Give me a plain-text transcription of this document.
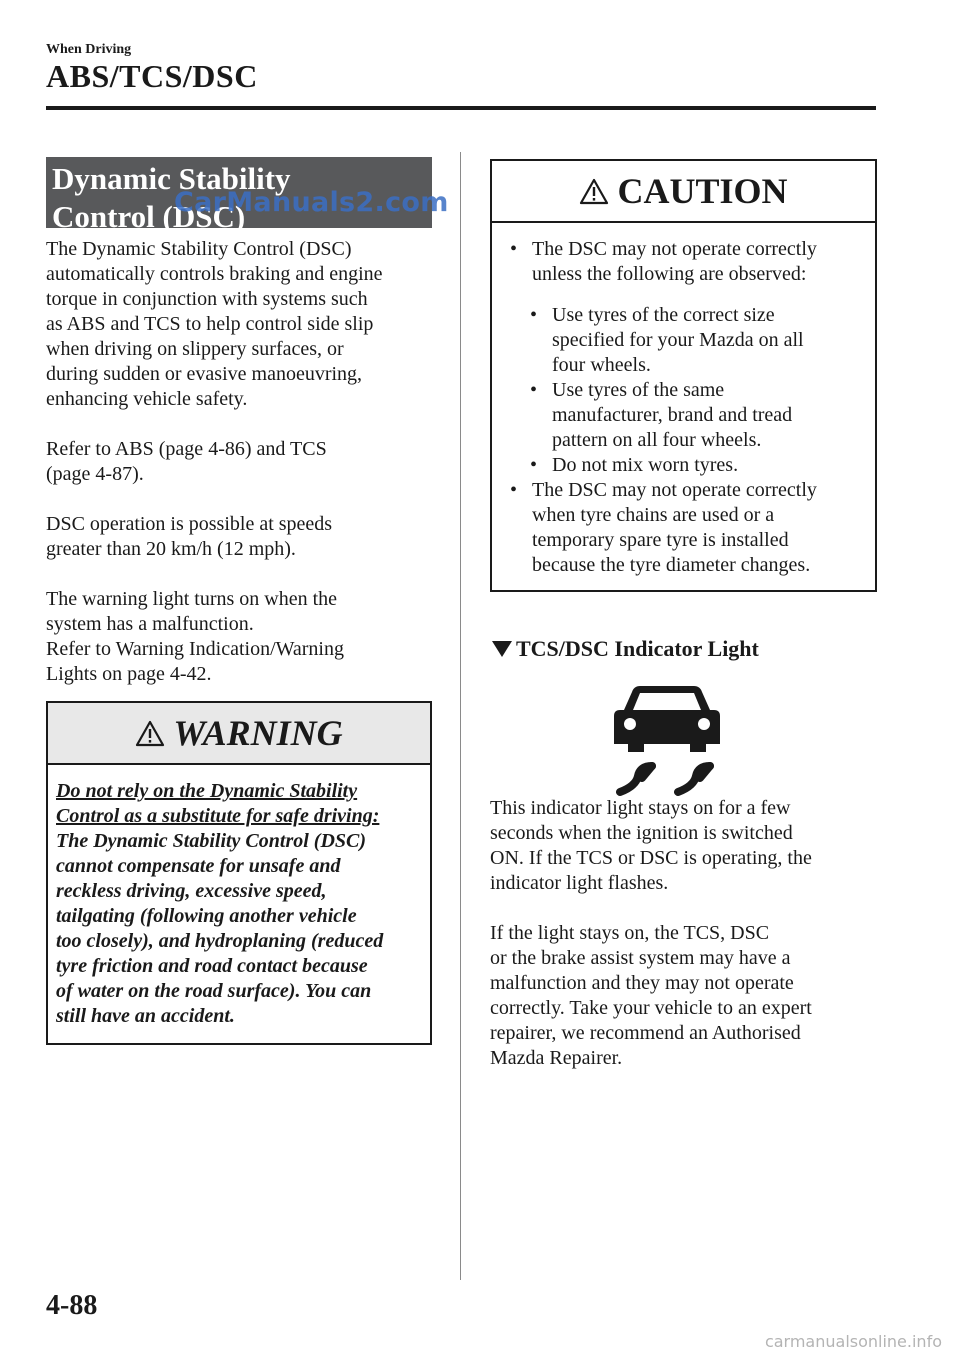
When Driving
ABS/TCS/DSC
Dynamic Stability
Control (DSC)
CarManuals2.com

The Dynamic Stability Control (DSC)
automatically controls braking and engine
torque in conjunction with systems such
as ABS and TCS to help control side slip
when driving on slippery surfaces, or
during sudden or evasive manoeuvring,
enhancing vehicle safety.

Refer to ABS (page 4-86) and TCS
(page 4-87).

DSC operation is possible at speeds
greater than 20 km/h (12 mph).

The warning light turns on when the
system has a malfunction.
Refer to Warning Indication/Warning
Lights on page 4-42.

WARNING
Do not rely on the Dynamic Stability
Control as a substitute for safe driving:
The Dynamic Stability Control (DSC)
cannot compensate for unsafe and
reckless driving, excessive speed,
tailgating (following another vehicle
too closely), and hydroplaning (reduced
tyre friction and road contact because
of water on the road surface). You can
still have an accident.
CAUTION
• The DSC may not operate correctly
unless the following are observed:
• Use tyres of the correct size
specified for your Mazda on all
four wheels.
• Use tyres of the same
manufacturer, brand and tread
pattern on all four wheels.
• Do not mix worn tyres.
• The DSC may not operate correctly
when tyre chains are used or a
temporary spare tyre is installed
because the tyre diameter changes.
TCS/DSC Indicator Light

This indicator light stays on for a few
seconds when the ignition is switched
ON. If the TCS or DSC is operating, the
indicator light flashes.

If the light stays on, the TCS, DSC
or the brake assist system may have a
malfunction and they may not operate
correctly. Take your vehicle to an expert
repairer, we recommend an Authorised
Mazda Repairer.

4-88
carmanualsonline.info
